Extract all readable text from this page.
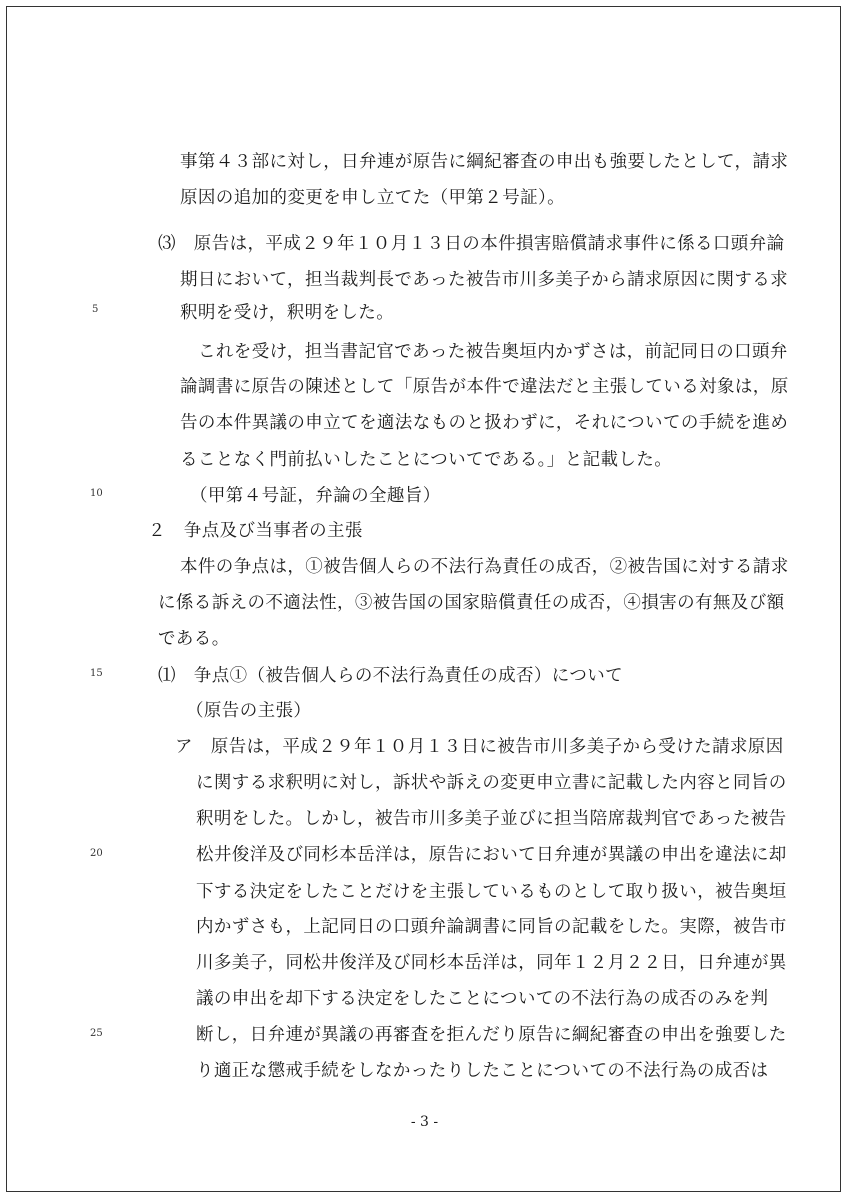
事第４３部に対し，日弁連が原告に綱紀審査の申出も強要したとして，請求
原因の追加的変更を申し立てた（甲第２号証）。
⑶　原告は，平成２９年１０月１３日の本件損害賠償請求事件に係る口頭弁論
期日において，担当裁判長であった被告市川多美子から請求原因に関する求
釈明を受け，釈明をした。
これを受け，担当書記官であった被告奥垣内かずさは，前記同日の口頭弁
論調書に原告の陳述として「原告が本件で違法だと主張している対象は，原
告の本件異議の申立てを適法なものと扱わずに，それについての手続を進め
ることなく門前払いしたことについてである。」と記載した。
（甲第４号証，弁論の全趣旨）
２　争点及び当事者の主張
本件の争点は，①被告個人らの不法行為責任の成否，②被告国に対する請求
に係る訴えの不適法性，③被告国の国家賠償責任の成否，④損害の有無及び額
である。
⑴　争点①（被告個人らの不法行為責任の成否）について
（原告の主張）
ア　原告は，平成２９年１０月１３日に被告市川多美子から受けた請求原因
に関する求釈明に対し，訴状や訴えの変更申立書に記載した内容と同旨の
釈明をした。しかし，被告市川多美子並びに担当陪席裁判官であった被告
松井俊洋及び同杉本岳洋は，原告において日弁連が異議の申出を違法に却
下する決定をしたことだけを主張しているものとして取り扱い，被告奥垣
内かずさも，上記同日の口頭弁論調書に同旨の記載をした。実際，被告市
川多美子，同松井俊洋及び同杉本岳洋は，同年１２月２２日，日弁連が異
議の申出を却下する決定をしたことについての不法行為の成否のみを判
断し，日弁連が異議の再審査を拒んだり原告に綱紀審査の申出を強要した
り適正な懲戒手続をしなかったりしたことについての不法行為の成否は
5
10
15
20
25
- 3 -
